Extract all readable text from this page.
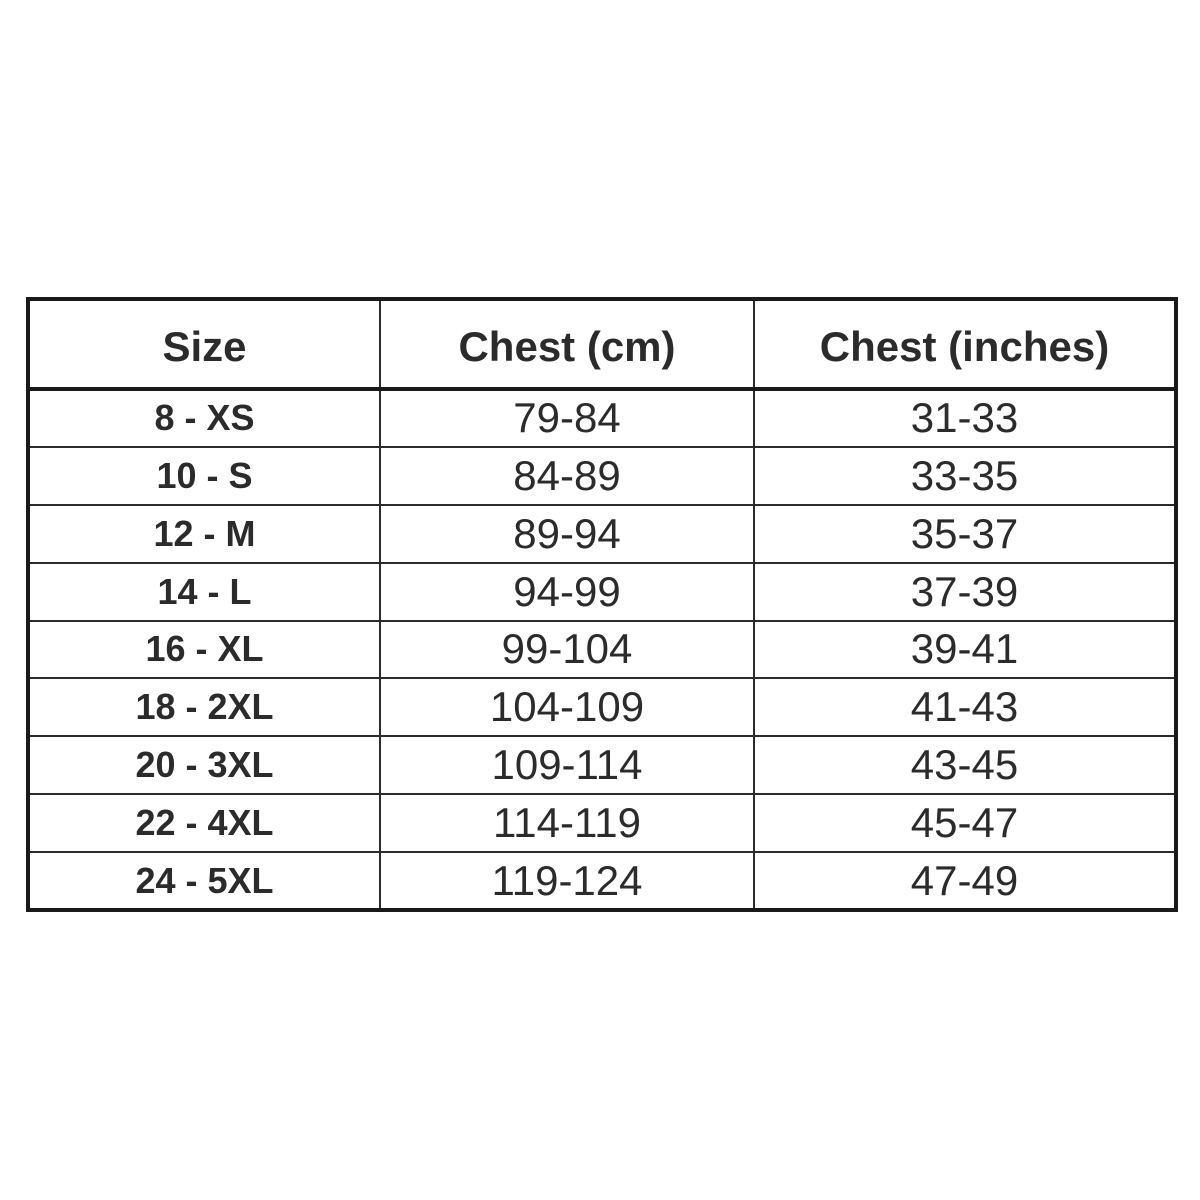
Size	Chest (cm)	Chest (inches)
8 - XS	79-84	31-33
10 - S	84-89	33-35
12 - M	89-94	35-37
14 - L	94-99	37-39
16 - XL	99-104	39-41
18 - 2XL	104-109	41-43
20 - 3XL	109-114	43-45
22 - 4XL	114-119	45-47
24 - 5XL	119-124	47-49
